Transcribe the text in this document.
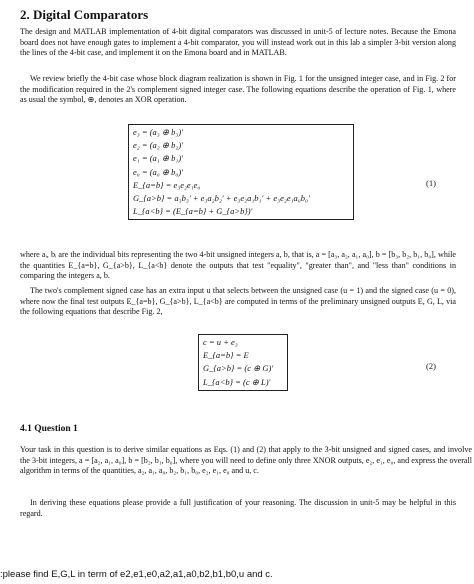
2. Digital Comparators
The design and MATLAB implementation of 4-bit digital comparators was discussed in unit-5 of lecture notes. Because the Emona board does not have enough gates to implement a 4-bit comparator, you will instead work out in this lab a simpler 3-bit version along the lines of the 4-bit case, and implement it on the Emona board and in MATLAB.
We review briefly the 4-bit case whose block diagram realization is shown in Fig. 1 for the unsigned integer case, and in Fig. 2 for the modification required in the 2's complement signed integer case. The following equations describe the operation of Fig. 1, where as usual the symbol, ⊕, denotes an XOR operation.
e₃ = (a₃ ⊕ b₃)′
e₂ = (a₂ ⊕ b₂)′
e₁ = (a₁ ⊕ b₁)′
e₀ = (a₀ ⊕ b₀)′
E_{a=b} = e₃e₂e₁e₀
G_{a>b} = a₃b₃′ + e₃a₂b₂′ + e₃e₂a₁b₁′ + e₃e₂e₁a₀b₀′
L_{a<b} = (E_{a=b} + G_{a>b})′
(1)
where aᵢ, bᵢ are the individual bits representing the two 4-bit unsigned integers a, b, that is, a = [a₃, a₂, a₁, a₀], b = [b₃, b₂, b₁, b₀], while the quantities E_{a=b}, G_{a>b}, L_{a<b} denote the outputs that test "equality", "greater than", and "less than" conditions in comparing the integers a, b.
The two's complement signed case has an extra input u that selects between the unsigned case (u = 1) and the signed case (u = 0), where now the final test outputs E_{a=b}, G_{a>b}, L_{a<b} are computed in terms of the preliminary unsigned outputs E, G, L, via the following equations that describe Fig. 2,
c = u + e₃
E_{a=b} = E
G_{a>b} = (c ⊕ G)′
L_{a<b} = (c ⊕ L)′
(2)
4.1 Question 1
Your task in this question is to derive similar equations as Eqs. (1) and (2) that apply to the 3-bit unsigned and signed cases, and involve the 3-bit integers, a = [a₂, a₁, a₀], b = [b₂, b₁, b₀], where you will need to define only three XNOR outputs, e₂, e₁, e₀, and express the overall algorithm in terms of the quantities, a₂, a₁, a₀, b₂, b₁, b₀, e₂, e₁, e₀ and u, c.
In deriving these equations please provide a full justification of your reasoning. The discussion in unit-5 may be helpful in this regard.
:please find E,G,L in term of e2,e1,e0,a2,a1,a0,b2,b1,b0,u and c.
